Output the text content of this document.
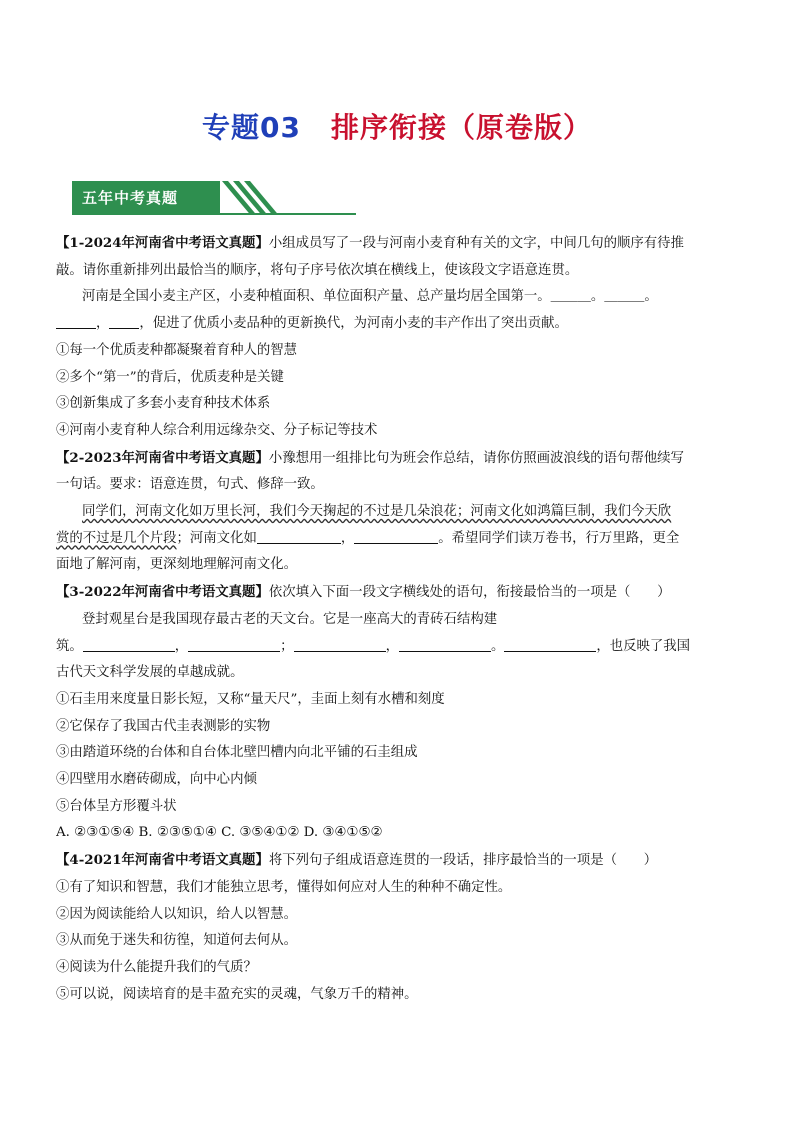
专题03 排序衔接（原卷版）
五年中考真题

【1-2024年河南省中考语文真题】小组成员写了一段与河南小麦育种有关的文字，中间几句的顺序有待推

敲。请你重新排列出最恰当的顺序，将句子序号依次填在横线上，使该段文字语意连贯。

河南是全国小麦主产区，小麦种植面积、单位面积产量、总产量均居全国第一。＿＿＿。＿＿＿。

， ，促进了优质小麦品种的更新换代，为河南小麦的丰产作出了突出贡献。

①每一个优质麦种都凝聚着育种人的智慧

②多个“第一”的背后，优质麦种是关键

③创新集成了多套小麦育种技术体系

④河南小麦育种人综合利用远缘杂交、分子标记等技术

【2-2023年河南省中考语文真题】小豫想用一组排比句为班会作总结，请你仿照画波浪线的语句帮他续写

一句话。要求：语意连贯，句式、修辞一致。

同学们，河南文化如万里长河，我们今天掬起的不过是几朵浪花；河南文化如鸿篇巨制，我们今天欣

赏的不过是几个片段；河南文化如	，	。希望同学们读万卷书，行万里路，更全

面地了解河南，更深刻地理解河南文化。

【3-2022年河南省中考语文真题】依次填入下面一段文字横线处的语句，衔接最恰当的一项是（　　）

登封观星台是我国现存最古老的天文台。它是一座高大的青砖石结构建

筑。	，	；	，	。	，也反映了我国

古代天文科学发展的卓越成就。

①石圭用来度量日影长短，又称“量天尺”，圭面上刻有水槽和刻度

②它保存了我国古代圭表测影的实物

③由踏道环绕的台体和自台体北壁凹槽内向北平铺的石圭组成

④四壁用水磨砖砌成，向中心内倾

⑤台体呈方形覆斗状

A. ②③①⑤④ B. ②③⑤①④ C. ③⑤④①② D. ③④①⑤②

【4-2021年河南省中考语文真题】将下列句子组成语意连贯的一段话，排序最恰当的一项是（　　）

①有了知识和智慧，我们才能独立思考，懂得如何应对人生的种种不确定性。

②因为阅读能给人以知识，给人以智慧。

③从而免于迷失和彷徨，知道何去何从。

④阅读为什么能提升我们的气质？

⑤可以说，阅读培育的是丰盈充实的灵魂，气象万千的精神。
